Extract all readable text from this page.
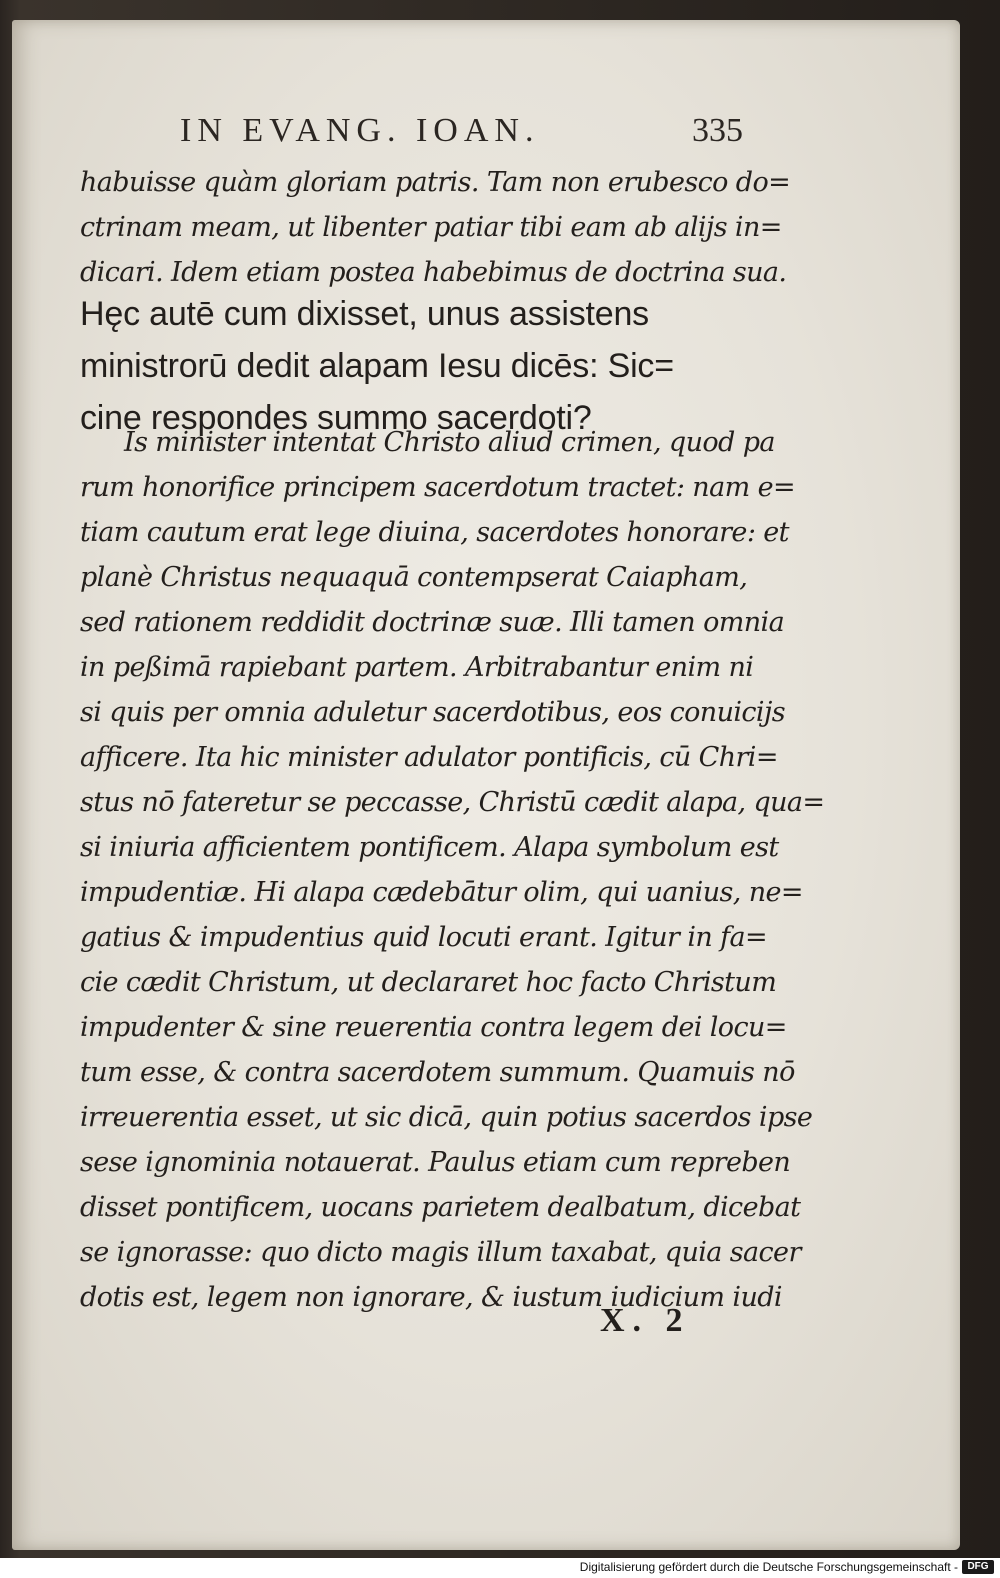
IN EVANG. IOAN.	335
habuisse quàm gloriam patris. Tam non erubesco do=
ctrinam meam, ut libenter patiar tibi eam ab alijs in=
dicari. Idem etiam postea habebimus de doctrina sua.
Hęc autē cum dixisset, unus assistens
ministrorū dedit alapam Iesu dicēs: Sic=
cine respondes summo sacerdoti?
Is minister intentat Christo aliud crimen, quod pa
rum honorifice principem sacerdotum tractet: nam e=
tiam cautum erat lege diuina, sacerdotes honorare: et
planè Christus nequaquā contempserat Caiapham,
sed rationem reddidit doctrinæ suæ. Illi tamen omnia
in peßimā rapiebant partem. Arbitrabantur enim ni
si quis per omnia aduletur sacerdotibus, eos conuicijs
afficere. Ita hic minister adulator pontificis, cū Chri=
stus nō fateretur se peccasse, Christū cædit alapa, qua=
si iniuria afficientem pontificem. Alapa symbolum est
impudentiæ. Hi alapa cædebātur olim, qui uanius, ne=
gatius & impudentius quid locuti erant. Igitur in fa=
cie cædit Christum, ut declararet hoc facto Christum
impudenter & sine reuerentia contra legem dei locu=
tum esse, & contra sacerdotem summum. Quamuis nō
irreuerentia esset, ut sic dicā, quin potius sacerdos ipse
sese ignominia notauerat. Paulus etiam cum repreben
disset pontificem, uocans parietem dealbatum, dicebat
se ignorasse: quo dicto magis illum taxabat, quia sacer
dotis est, legem non ignorare, & iustum iudicium iudi
X. 2
Digitalisierung gefördert durch die Deutsche Forschungsgemeinschaft - DFG
